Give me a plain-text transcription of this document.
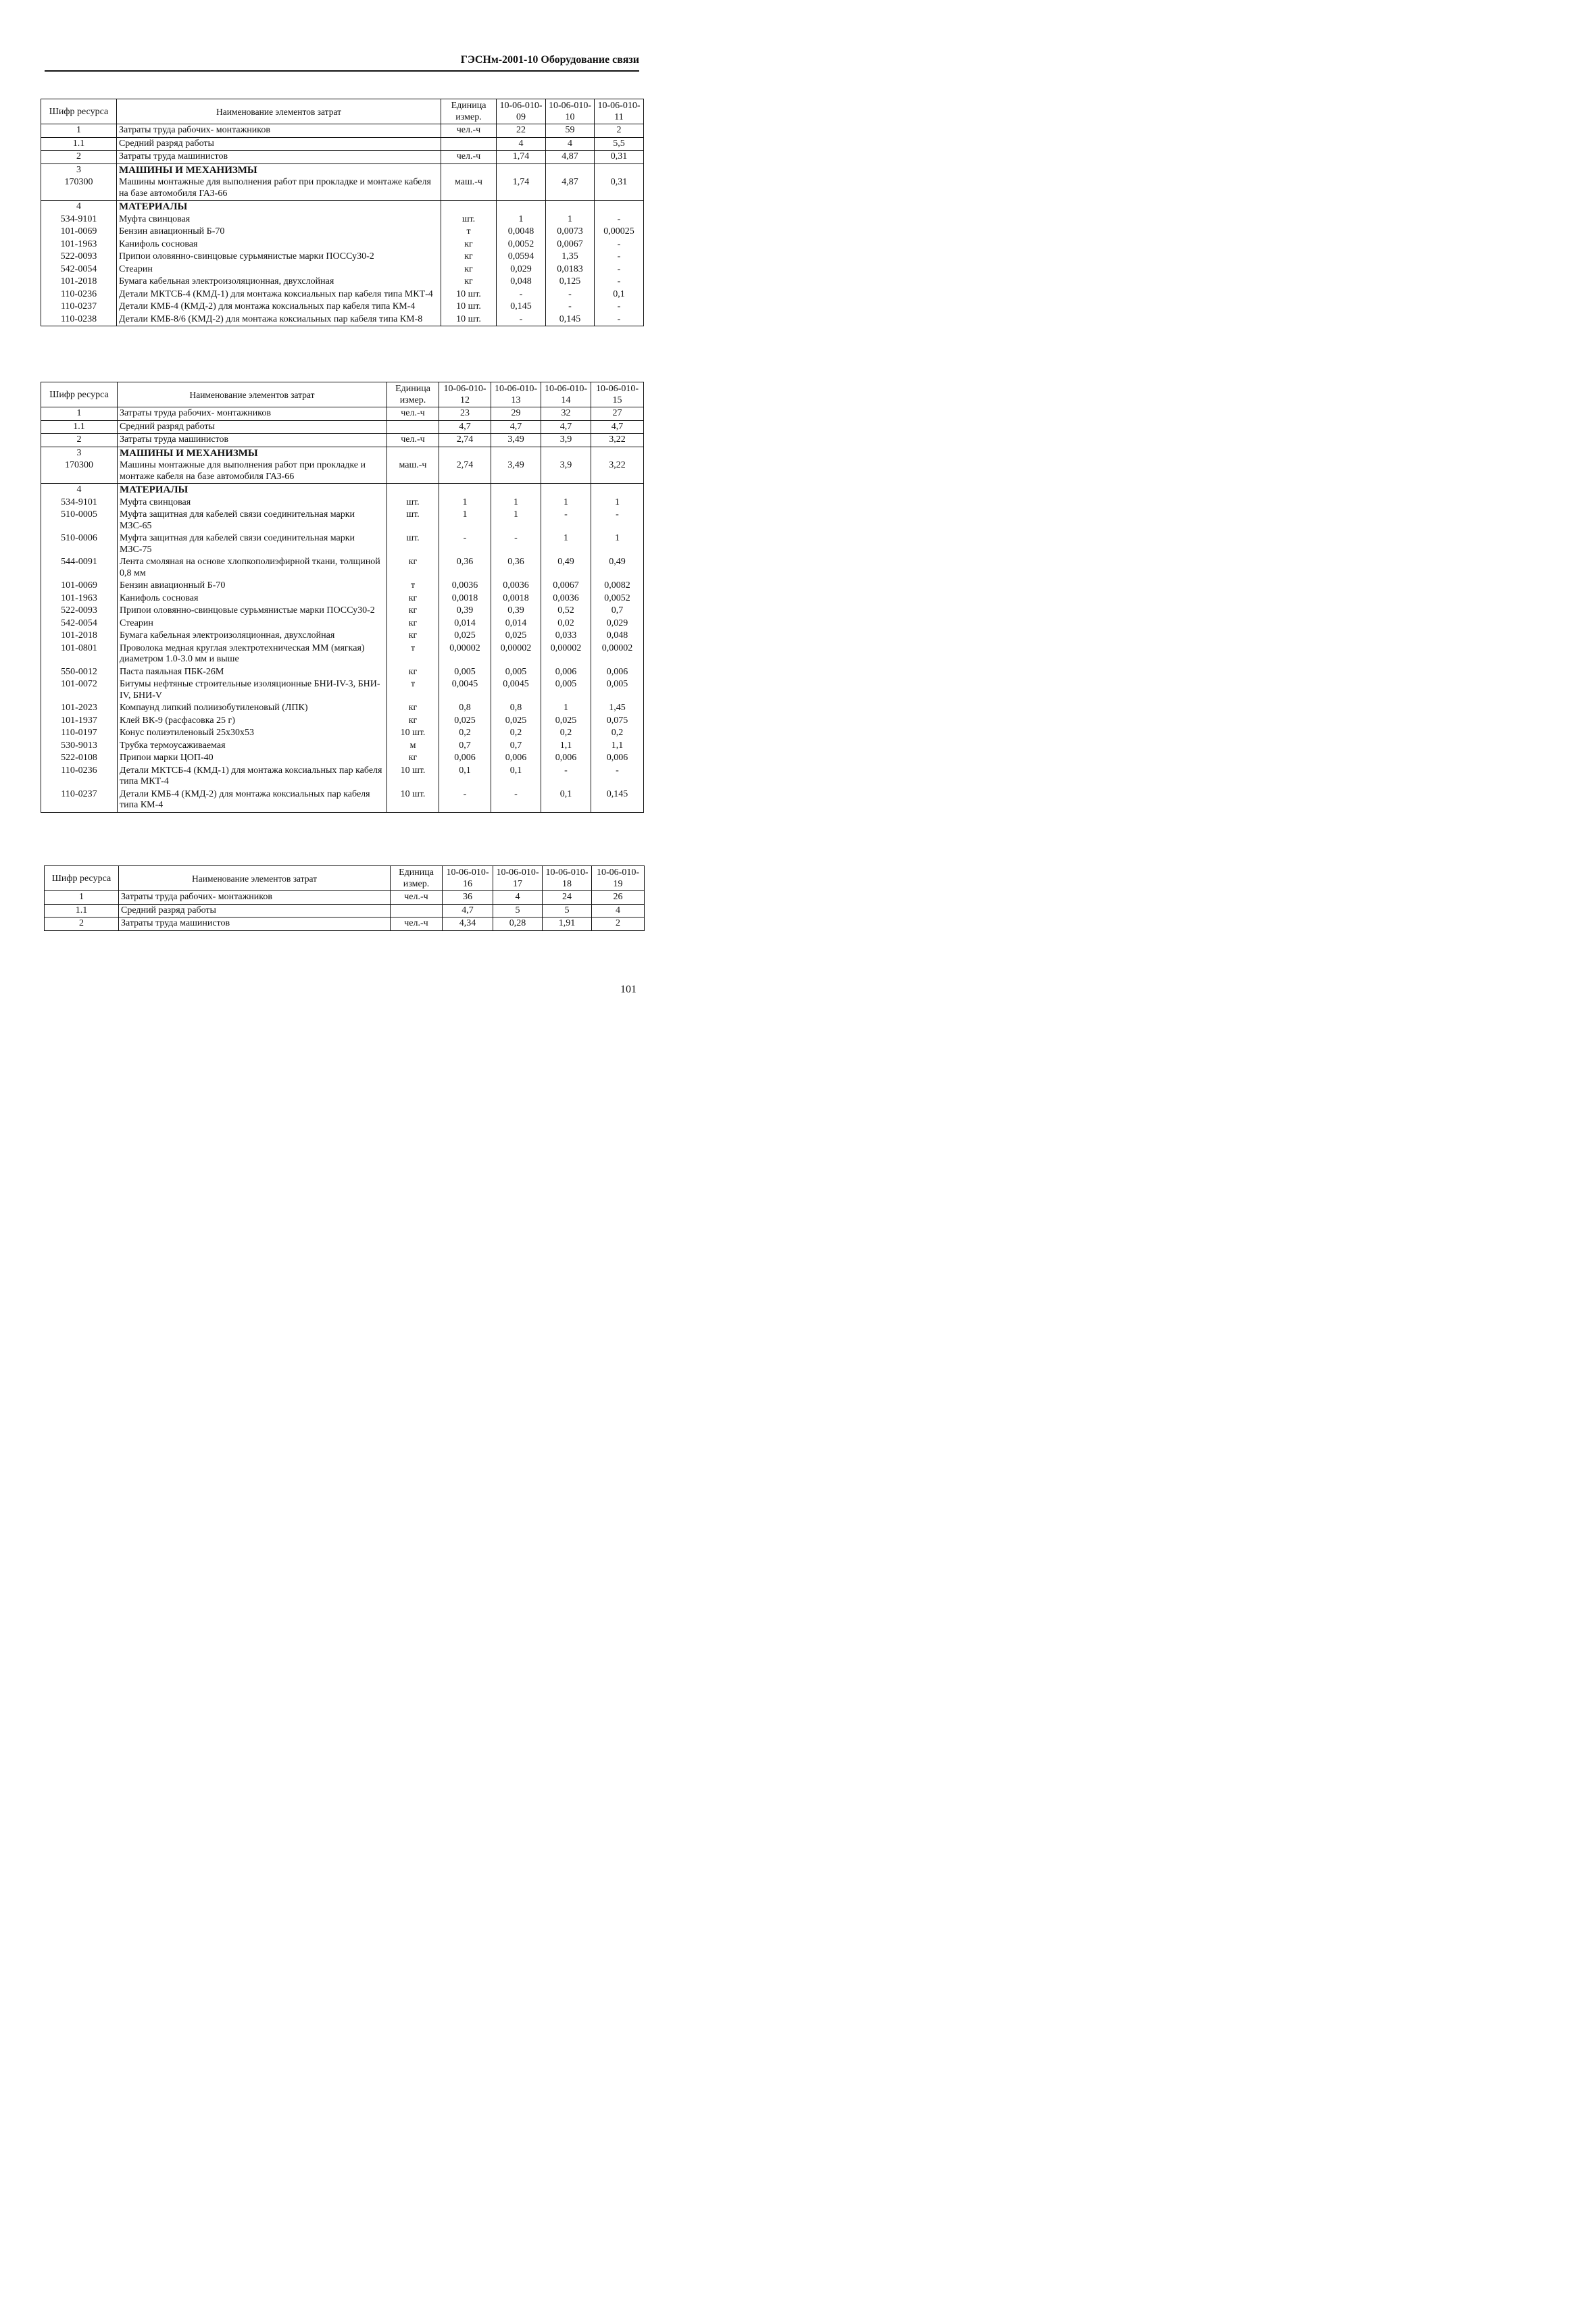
ГЭСНм-2001-10 Оборудование связи
Шифр ресурса	Наименование элементов затрат	Единица измер.	10-06-010-09	10-06-010-10	10-06-010-11
1	Затраты труда рабочих- монтажников	чел.-ч	22	59	2
1.1	Средний разряд работы		4	4	5,5
2	Затраты труда машинистов	чел.-ч	1,74	4,87	0,31
3	МАШИНЫ И МЕХАНИЗМЫ				
170300	Машины монтажные для выполнения работ при прокладке и монтаже кабеля на базе автомобиля ГАЗ-66	маш.-ч	1,74	4,87	0,31
4	МАТЕРИАЛЫ				
534-9101	Муфта свинцовая	шт.	1	1	-
101-0069	Бензин авиационный Б-70	т	0,0048	0,0073	0,00025
101-1963	Канифоль сосновая	кг	0,0052	0,0067	-
522-0093	Припои оловянно-свинцовые сурьмянистые марки ПОССу30-2	кг	0,0594	1,35	-
542-0054	Стеарин	кг	0,029	0,0183	-
101-2018	Бумага кабельная электроизоляционная, двухслойная	кг	0,048	0,125	-
110-0236	Детали МКТСБ-4 (КМД-1) для монтажа коксиальных пар кабеля типа МКТ-4	10 шт.	-	-	0,1
110-0237	Детали КМБ-4 (КМД-2) для монтажа коксиальных пар кабеля типа КМ-4	10 шт.	0,145	-	-
110-0238	Детали КМБ-8/6 (КМД-2) для монтажа коксиальных пар кабеля типа КМ-8	10 шт.	-	0,145	-
Шифр ресурса	Наименование элементов затрат	Единица измер.	10-06-010-12	10-06-010-13	10-06-010-14	10-06-010-15
1	Затраты труда рабочих- монтажников	чел.-ч	23	29	32	27
1.1	Средний разряд работы		4,7	4,7	4,7	4,7
2	Затраты труда машинистов	чел.-ч	2,74	3,49	3,9	3,22
3	МАШИНЫ И МЕХАНИЗМЫ					
170300	Машины монтажные для выполнения работ при прокладке и монтаже кабеля на базе автомобиля ГАЗ-66	маш.-ч	2,74	3,49	3,9	3,22
4	МАТЕРИАЛЫ					
534-9101	Муфта свинцовая	шт.	1	1	1	1
510-0005	Муфта защитная для кабелей связи соединительная марки МЗС-65	шт.	1	1	-	-
510-0006	Муфта защитная для кабелей связи соединительная марки МЗС-75	шт.	-	-	1	1
544-0091	Лента смоляная на основе хлопкополиэфирной ткани, толщиной 0,8 мм	кг	0,36	0,36	0,49	0,49
101-0069	Бензин авиационный Б-70	т	0,0036	0,0036	0,0067	0,0082
101-1963	Канифоль сосновая	кг	0,0018	0,0018	0,0036	0,0052
522-0093	Припои оловянно-свинцовые сурьмянистые марки ПОССу30-2	кг	0,39	0,39	0,52	0,7
542-0054	Стеарин	кг	0,014	0,014	0,02	0,029
101-2018	Бумага кабельная электроизоляционная, двухслойная	кг	0,025	0,025	0,033	0,048
101-0801	Проволока медная круглая электротехническая ММ (мягкая) диаметром 1.0-3.0 мм и выше	т	0,00002	0,00002	0,00002	0,00002
550-0012	Паста паяльная ПБК-26М	кг	0,005	0,005	0,006	0,006
101-0072	Битумы нефтяные строительные изоляционные БНИ-IV-3, БНИ-IV, БНИ-V	т	0,0045	0,0045	0,005	0,005
101-2023	Компаунд липкий полиизобутиленовый (ЛПК)	кг	0,8	0,8	1	1,45
101-1937	Клей ВК-9 (расфасовка 25 г)	кг	0,025	0,025	0,025	0,075
110-0197	Конус полиэтиленовый 25х30х53	10 шт.	0,2	0,2	0,2	0,2
530-9013	Трубка термоусаживаемая	м	0,7	0,7	1,1	1,1
522-0108	Припои марки ЦОП-40	кг	0,006	0,006	0,006	0,006
110-0236	Детали МКТСБ-4 (КМД-1) для монтажа коксиальных пар кабеля типа МКТ-4	10 шт.	0,1	0,1	-	-
110-0237	Детали КМБ-4 (КМД-2) для монтажа коксиальных пар кабеля типа КМ-4	10 шт.	-	-	0,1	0,145
Шифр ресурса	Наименование элементов затрат	Единица измер.	10-06-010-16	10-06-010-17	10-06-010-18	10-06-010-19
1	Затраты труда рабочих- монтажников	чел.-ч	36	4	24	26
1.1	Средний разряд работы		4,7	5	5	4
2	Затраты труда машинистов	чел.-ч	4,34	0,28	1,91	2
101
